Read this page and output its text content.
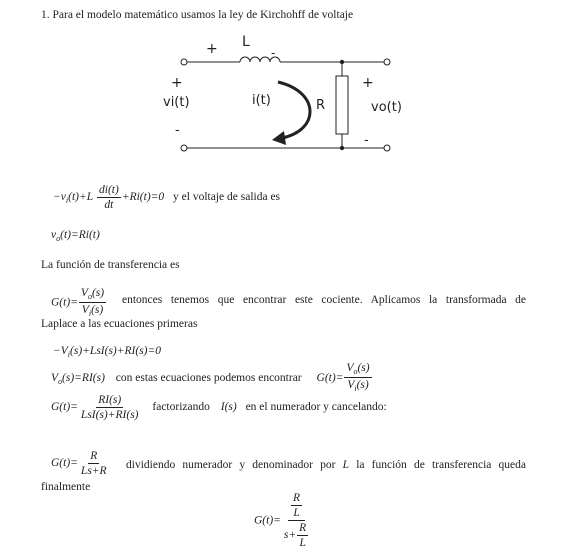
1. Para el modelo matemático usamos la ley de Kirchohff de voltaje
+ L
-
+
vi(t)
-
i(t)	R
+
vo(t)
-
$-v_i(t)+L \frac{di(t)}{dt} +Ri(t)=0$ y el voltaje de salida es
$v_o(t)=Ri(t)$
La función de transferencia es
$G(t)= \frac{V_o(s)}{V_i(s)}$ entonces tenemos que encontrar este cociente. Aplicamos la transformada de
Laplace a las ecuaciones primeras
$-V_i(s)+LsI(s)+RI(s)=0$
$V_o(s)=RI(s)$ con estas ecuaciones podemos encontrar $G(t)= \frac{V_o(s)}{V_i(s)}$
$G(t)= \frac{RI(s)}{\text{LsI(s)+RI(s)}}$ factorizando I(s) en el numerador y cancelando:
$G(t)= \frac{R}{Ls+R}$ dividiendo numerador y denominador por L la función de transferencia queda
finalmente
$G(t)= \frac{\frac{R}{L}}{s+ \frac{R}{L}}$
